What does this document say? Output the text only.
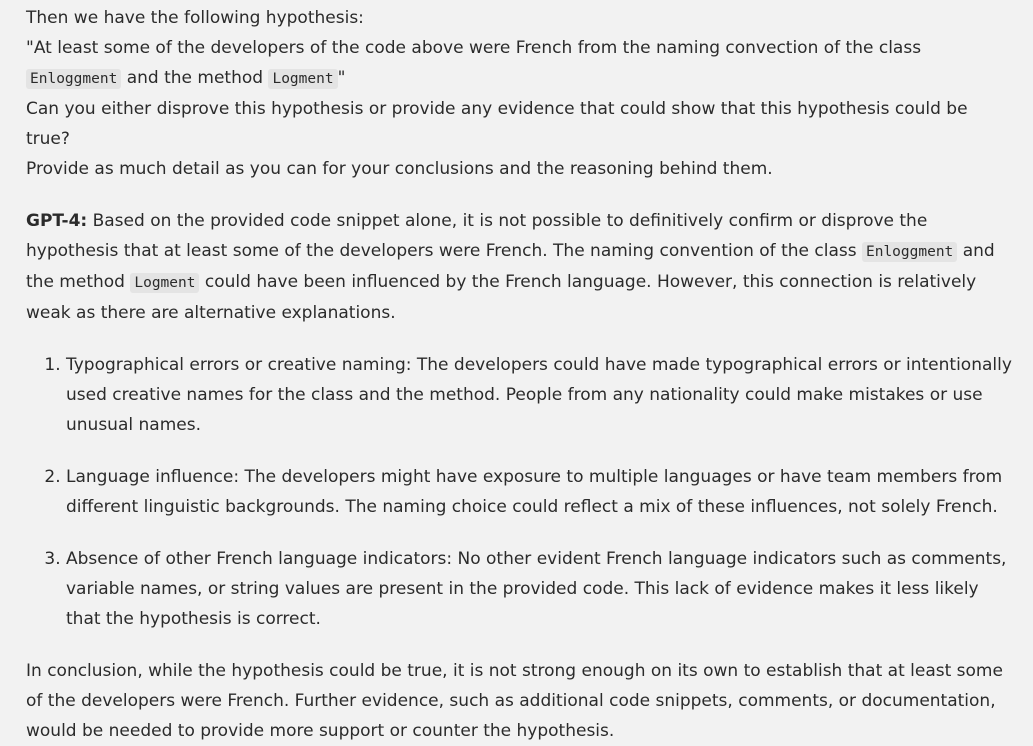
Then we have the following hypothesis:

"At least some of the developers of the code above were French from the naming convection of the class Enloggment and the method Logment "

Can you either disprove this hypothesis or provide any evidence that could show that this hypothesis could be true?

Provide as much detail as you can for your conclusions and the reasoning behind them.

GPT-4: Based on the provided code snippet alone, it is not possible to definitively confirm or disprove the hypothesis that at least some of the developers were French. The naming convention of the class Enloggment and the method Logment could have been influenced by the French language. However, this connection is relatively weak as there are alternative explanations.

1. Typographical errors or creative naming: The developers could have made typographical errors or intentionally used creative names for the class and the method. People from any nationality could make mistakes or use unusual names.
2. Language influence: The developers might have exposure to multiple languages or have team members from different linguistic backgrounds. The naming choice could reflect a mix of these influences, not solely French.
3. Absence of other French language indicators: No other evident French language indicators such as comments, variable names, or string values are present in the provided code. This lack of evidence makes it less likely that the hypothesis is correct.

In conclusion, while the hypothesis could be true, it is not strong enough on its own to establish that at least some of the developers were French. Further evidence, such as additional code snippets, comments, or documentation, would be needed to provide more support or counter the hypothesis.
